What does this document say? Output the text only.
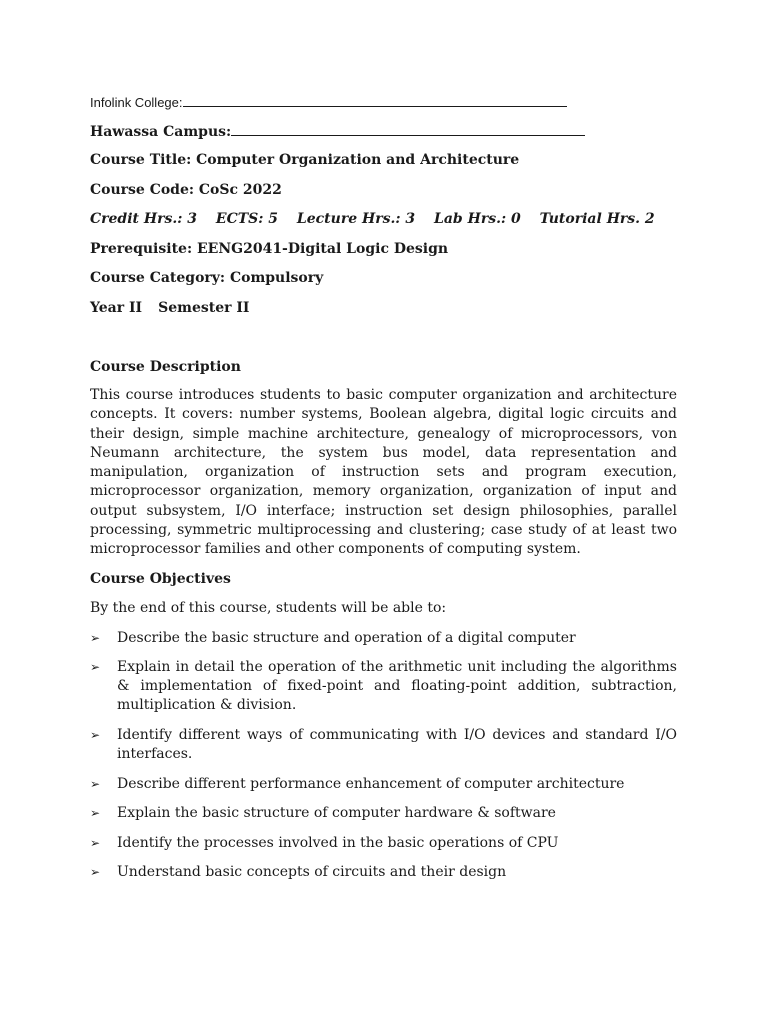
Infolink College:
Hawassa Campus:
Course Title: Computer Organization and Architecture
Course Code: CoSc 2022
Credit Hrs.: 3 ECTS: 5 Lecture Hrs.: 3 Lab Hrs.: 0 Tutorial Hrs. 2
Prerequisite: EENG2041-Digital Logic Design
Course Category: Compulsory
Year II Semester II
Course Description
This course introduces students to basic computer organization and architecture concepts. It covers: number systems, Boolean algebra, digital logic circuits and their design, simple machine architecture, genealogy of microprocessors, von Neumann architecture, the system bus model, data representation and manipulation, organization of instruction sets and program execution, microprocessor organization, memory organization, organization of input and output subsystem, I/O interface; instruction set design philosophies, parallel processing, symmetric multiprocessing and clustering; case study of at least two microprocessor families and other components of computing system.
Course Objectives
By the end of this course, students will be able to:
➢ Describe the basic structure and operation of a digital computer
➢ Explain in detail the operation of the arithmetic unit including the algorithms & implementation of fixed-point and floating-point addition, subtraction, multiplication & division.
➢ Identify different ways of communicating with I/O devices and standard I/O interfaces.
➢ Describe different performance enhancement of computer architecture
➢ Explain the basic structure of computer hardware & software
➢ Identify the processes involved in the basic operations of CPU
➢ Understand basic concepts of circuits and their design
